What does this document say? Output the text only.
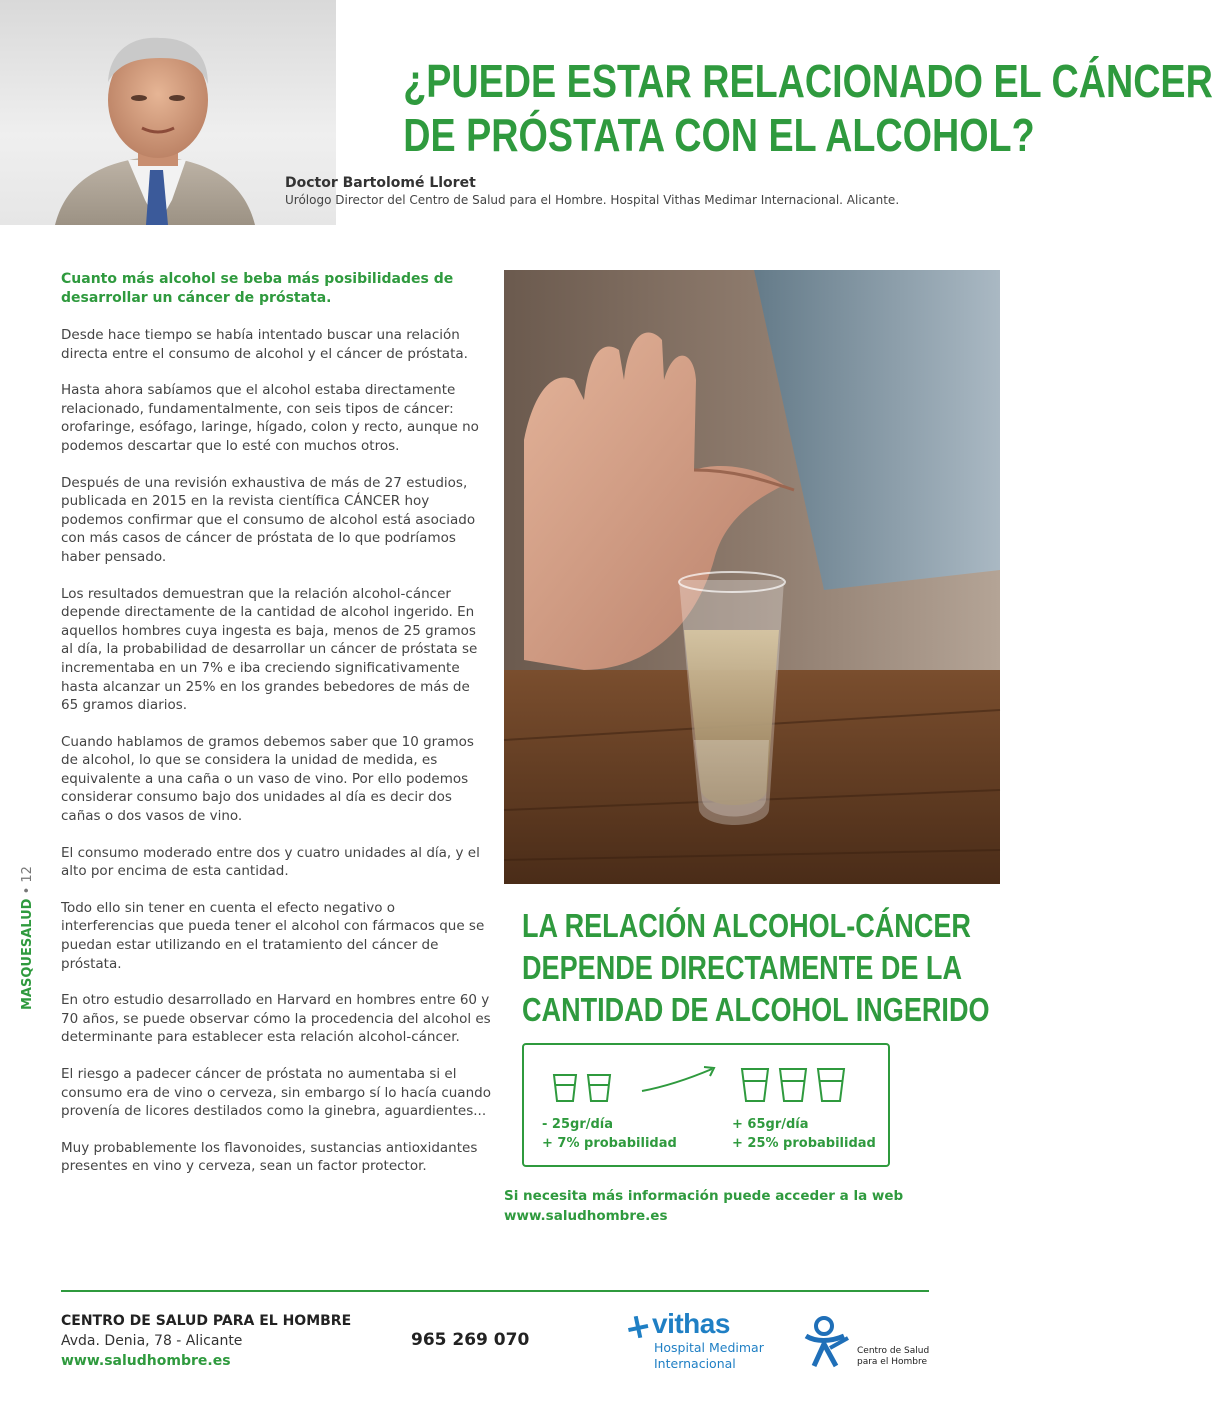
¿PUEDE ESTAR RELACIONADO EL CÁNCER
DE PRÓSTATA CON EL ALCOHOL?
Doctor Bartolomé Lloret
Urólogo Director del Centro de Salud para el Hombre. Hospital Vithas Medimar Internacional. Alicante.

Cuanto más alcohol se beba más posibilidades de desarrollar un cáncer de próstata.

Desde hace tiempo se había intentado buscar una relación directa entre el consumo de alcohol y el cáncer de próstata.

Hasta ahora sabíamos que el alcohol estaba directamente relacionado, fundamentalmente, con seis tipos de cáncer: orofaringe, esófago, laringe, hígado, colon y recto, aunque no podemos descartar que lo esté con muchos otros.

Después de una revisión exhaustiva de más de 27 estudios, publicada en 2015 en la revista científica CÁNCER hoy podemos confirmar que el consumo de alcohol está asociado con más casos de cáncer de próstata de lo que podríamos haber pensado.

Los resultados demuestran que la relación alcohol-cáncer depende directamente de la cantidad de alcohol ingerido. En aquellos hombres cuya ingesta es baja, menos de 25 gramos al día, la probabilidad de desarrollar un cáncer de próstata se incrementaba en un 7% e iba creciendo significativamente hasta alcanzar un 25% en los grandes bebedores de más de 65 gramos diarios.

Cuando hablamos de gramos debemos saber que 10 gramos de alcohol, lo que se considera la unidad de medida, es equivalente a una caña o un vaso de vino. Por ello podemos considerar consumo bajo dos unidades al día es decir dos cañas o dos vasos de vino.

El consumo moderado entre dos y cuatro unidades al día, y el alto por encima de esta cantidad.

Todo ello sin tener en cuenta el efecto negativo o interferencias que pueda tener el alcohol con fármacos que se puedan estar utilizando en el tratamiento del cáncer de próstata.

En otro estudio desarrollado en Harvard en hombres entre 60 y 70 años, se puede observar cómo la procedencia del alcohol es determinante para establecer esta relación alcohol-cáncer.

El riesgo a padecer cáncer de próstata no aumentaba si el consumo era de vino o cerveza, sin embargo sí lo hacía cuando provenía de licores destilados como la ginebra, aguardientes...

Muy probablemente los flavonoides, sustancias antioxidantes presentes en vino y cerveza, sean un factor protector.

MASQUESALUD • 12
LA RELACIÓN ALCOHOL-CÁNCER
DEPENDE DIRECTAMENTE DE LA
CANTIDAD DE ALCOHOL INGERIDO
- 25gr/día
+ 7% probabilidad
+ 65gr/día
+ 25% probabilidad
Si necesita más información puede acceder a la web
www.saludhombre.es
CENTRO DE SALUD PARA EL HOMBRE
Avda. Denia, 78 - Alicante
www.saludhombre.es
965 269 070
vithas
Hospital Medimar
Internacional
Centro de Salud
para el Hombre
